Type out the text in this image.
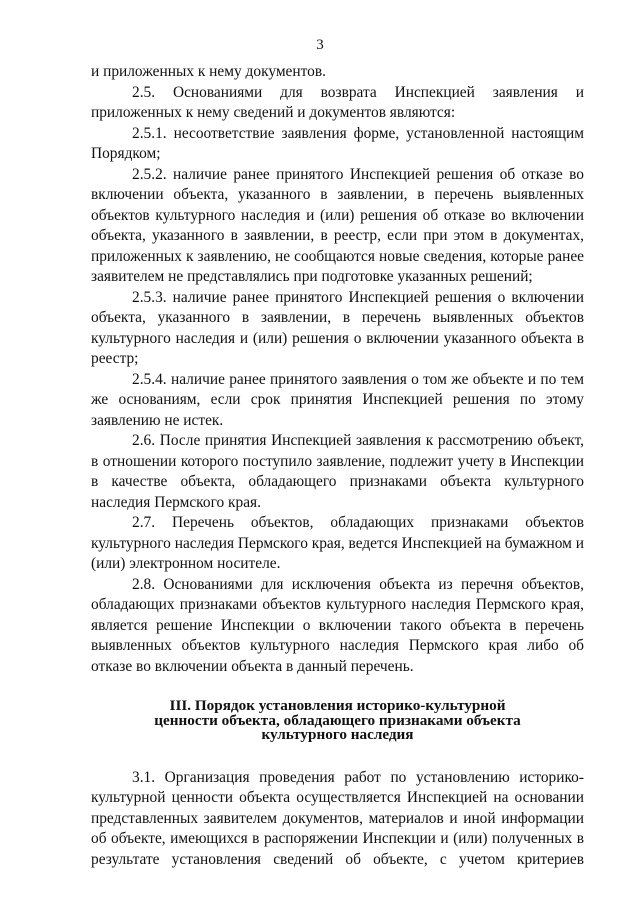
3

и приложенных к нему документов.

2.5. Основаниями для возврата Инспекцией заявления и приложенных к нему сведений и документов являются:

2.5.1. несоответствие заявления форме, установленной настоящим Порядком;

2.5.2. наличие ранее принятого Инспекцией решения об отказе во включении объекта, указанного в заявлении, в перечень выявленных объектов культурного наследия и (или) решения об отказе во включении объекта, указанного в заявлении, в реестр, если при этом в документах, приложенных к заявлению, не сообщаются новые сведения, которые ранее заявителем не представлялись при подготовке указанных решений;

2.5.3. наличие ранее принятого Инспекцией решения о включении объекта, указанного в заявлении, в перечень выявленных объектов культурного наследия и (или) решения о включении указанного объекта в реестр;

2.5.4. наличие ранее принятого заявления о том же объекте и по тем же основаниям, если срок принятия Инспекцией решения по этому заявлению не истек.

2.6. После принятия Инспекцией заявления к рассмотрению объект, в отношении которого поступило заявление, подлежит учету в Инспекции в качестве объекта, обладающего признаками объекта культурного наследия Пермского края.

2.7. Перечень объектов, обладающих признаками объектов культурного наследия Пермского края, ведется Инспекцией на бумажном и (или) электронном носителе.

2.8. Основаниями для исключения объекта из перечня объектов, обладающих признаками объектов культурного наследия Пермского края, является решение Инспекции о включении такого объекта в перечень выявленных объектов культурного наследия Пермского края либо об отказе во включении объекта в данный перечень.

III. Порядок установления историко-культурной
ценности объекта, обладающего признаками объекта
культурного наследия

3.1. Организация проведения работ по установлению историко-культурной ценности объекта осуществляется Инспекцией на основании представленных заявителем документов, материалов и иной информации об объекте, имеющихся в распоряжении Инспекции и (или) полученных в результате установления сведений об объекте, с учетом критериев
